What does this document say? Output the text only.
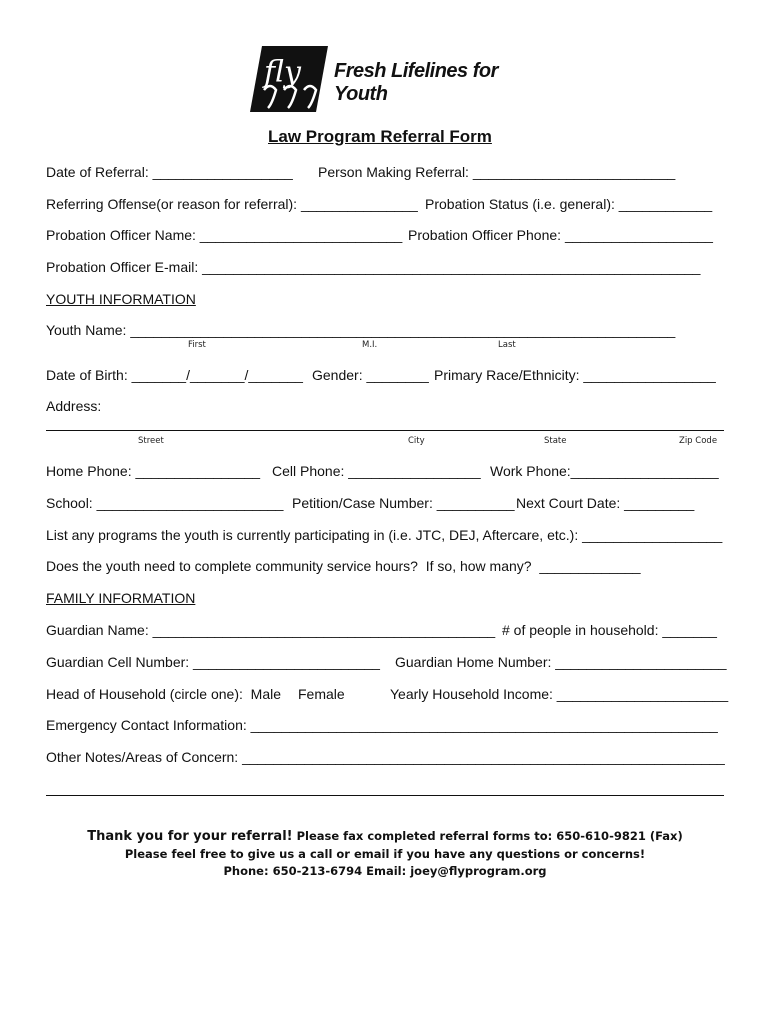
fly Fresh Lifelines for Youth
Law Program Referral Form
Date of Referral: __________________ Person Making Referral: __________________________
Referring Offense(or reason for referral): _______________ Probation Status (i.e. general): ____________
Probation Officer Name: __________________________ Probation Officer Phone: ___________________
Probation Officer E-mail: ________________________________________________________________
YOUTH INFORMATION
Youth Name: ______________________________________________________________________
First	M.I.	Last
Date of Birth: _______/_______/_______ Gender: ________ Primary Race/Ethnicity: _________________
Address:
Street	City	State	Zip Code
Home Phone: ________________ Cell Phone: _________________ Work Phone:___________________
School: ________________________ Petition/Case Number: __________ Next Court Date: _________
List any programs the youth is currently participating in (i.e. JTC, DEJ, Aftercare, etc.): __________________
Does the youth need to complete community service hours?  If so, how many?  _____________
FAMILY INFORMATION
Guardian Name: ____________________________________________ # of people in household: _______
Guardian Cell Number: ________________________ Guardian Home Number: ______________________
Head of Household (circle one):  Male Female	Yearly Household Income: ______________________
Emergency Contact Information: ____________________________________________________________
Other Notes/Areas of Concern: ______________________________________________________________
Thank you for your referral! Please fax completed referral forms to: 650-610-9821 (Fax)
Please feel free to give us a call or email if you have any questions or concerns!
Phone: 650-213-6794 Email: joey@flyprogram.org
